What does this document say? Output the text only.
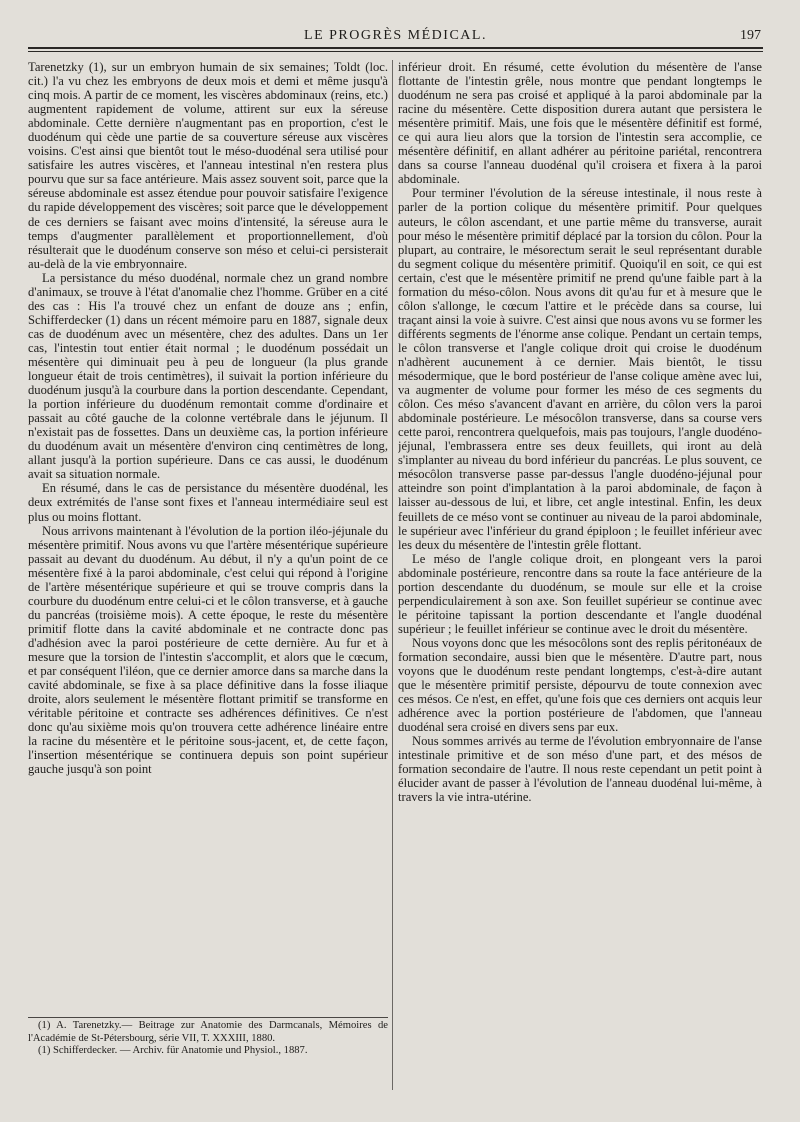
LE PROGRÈS MÉDICAL.	197

Tarenetzky (1), sur un embryon humain de six semaines; Toldt (loc. cit.) l'a vu chez les embryons de deux mois et demi et même jusqu'à cinq mois. A partir de ce moment, les viscères abdominaux (reins, etc.) augmentent rapidement de volume, attirent sur eux la séreuse abdominale. Cette dernière n'augmentant pas en proportion, c'est le duodénum qui cède une partie de sa couverture séreuse aux viscères voisins. C'est ainsi que bientôt tout le méso-duodénal sera utilisé pour satisfaire les autres viscères, et l'anneau intestinal n'en restera plus pourvu que sur sa face antérieure. Mais assez souvent soit, parce que la séreuse abdominale est assez étendue pour pouvoir satisfaire l'exigence du rapide développement des viscères; soit parce que le développement de ces derniers se faisant avec moins d'intensité, la séreuse aura le temps d'augmenter parallèlement et proportionnellement, d'où résulterait que le duodénum conserve son méso et celui-ci persisterait au-delà de la vie embryonnaire.

La persistance du méso duodénal, normale chez un grand nombre d'animaux, se trouve à l'état d'anomalie chez l'homme. Grüber en a cité des cas : His l'a trouvé chez un enfant de douze ans ; enfin, Schifferdecker (1) dans un récent mémoire paru en 1887, signale deux cas de duodénum avec un mésentère, chez des adultes. Dans un 1er cas, l'intestin tout entier était normal ; le duodénum possédait un mésentère qui diminuait peu à peu de longueur (la plus grande longueur était de trois centimètres), il suivait la portion inférieure du duodénum jusqu'à la courbure dans la portion descendante. Cependant, la portion inférieure du duodénum remontait comme d'ordinaire et passait au côté gauche de la colonne vertébrale dans le jéjunum. Il n'existait pas de fossettes. Dans un deuxième cas, la portion inférieure du duodénum avait un mésentère d'environ cinq centimètres de long, allant jusqu'à la portion supérieure. Dans ce cas aussi, le duodénum avait sa situation normale.

En résumé, dans le cas de persistance du mésentère duodénal, les deux extrémités de l'anse sont fixes et l'anneau intermédiaire seul est plus ou moins flottant.

Nous arrivons maintenant à l'évolution de la portion iléo-jéjunale du mésentère primitif. Nous avons vu que l'artère mésentérique supérieure passait au devant du duodénum. Au début, il n'y a qu'un point de ce mésentère fixé à la paroi abdominale, c'est celui qui répond à l'origine de l'artère mésentérique supérieure et qui se trouve compris dans la courbure du duodénum entre celui-ci et le côlon transverse, et à gauche du pancréas (troisième mois). A cette époque, le reste du mésentère primitif flotte dans la cavité abdominale et ne contracte donc pas d'adhésion avec la paroi postérieure de cette dernière. Au fur et à mesure que la torsion de l'intestin s'accomplit, et alors que le cœcum, et par conséquent l'iléon, que ce dernier amorce dans sa marche dans la cavité abdominale, se fixe à sa place définitive dans la fosse iliaque droite, alors seulement le mésentère flottant primitif se transforme en véritable péritoine et contracte ses adhérences définitives. Ce n'est donc qu'au sixième mois qu'on trouvera cette adhérence linéaire entre la racine du mésentère et le péritoine sous-jacent, et, de cette façon, l'insertion mésentérique se continuera depuis son point supérieur gauche jusqu'à son point

inférieur droit. En résumé, cette évolution du mésentère de l'anse flottante de l'intestin grêle, nous montre que pendant longtemps le duodénum ne sera pas croisé et appliqué à la paroi abdominale par la racine du mésentère. Cette disposition durera autant que persistera le mésentère primitif. Mais, une fois que le mésentère définitif est formé, ce qui aura lieu alors que la torsion de l'intestin sera accomplie, ce mésentère définitif, en allant adhérer au péritoine pariétal, rencontrera dans sa course l'anneau duodénal qu'il croisera et fixera à la paroi abdominale.

Pour terminer l'évolution de la séreuse intestinale, il nous reste à parler de la portion colique du mésentère primitif. Pour quelques auteurs, le côlon ascendant, et une partie même du transverse, aurait pour méso le mésentère primitif déplacé par la torsion du côlon. Pour la plupart, au contraire, le mésorectum serait le seul représentant durable du segment colique du mésentère primitif. Quoiqu'il en soit, ce qui est certain, c'est que le mésentère primitif ne prend qu'une faible part à la formation du méso-côlon. Nous avons dit qu'au fur et à mesure que le côlon s'allonge, le cœcum l'attire et le précède dans sa course, lui traçant ainsi la voie à suivre. C'est ainsi que nous avons vu se former les différents segments de l'énorme anse colique. Pendant un certain temps, le côlon transverse et l'angle colique droit qui croise le duodénum n'adhèrent aucunement à ce dernier. Mais bientôt, le tissu mésodermique, que le bord postérieur de l'anse colique amène avec lui, va augmenter de volume pour former les méso de ces segments du côlon. Ces méso s'avancent d'avant en arrière, du côlon vers la paroi abdominale postérieure. Le mésocôlon transverse, dans sa course vers cette paroi, rencontrera quelquefois, mais pas toujours, l'angle duodéno-jéjunal, l'embrassera entre ses deux feuillets, qui iront au delà s'implanter au niveau du bord inférieur du pancréas. Le plus souvent, ce mésocôlon transverse passe par-dessus l'angle duodéno-jéjunal pour atteindre son point d'implantation à la paroi abdominale, de façon à laisser au-dessous de lui, et libre, cet angle intestinal. Enfin, les deux feuillets de ce méso vont se continuer au niveau de la paroi abdominale, le supérieur avec l'inférieur du grand épiploon ; le feuillet inférieur avec les deux du mésentère de l'intestin grêle flottant.

Le méso de l'angle colique droit, en plongeant vers la paroi abdominale postérieure, rencontre dans sa route la face antérieure de la portion descendante du duodénum, se moule sur elle et la croise perpendiculairement à son axe. Son feuillet supérieur se continue avec le péritoine tapissant la portion descendante et l'angle duodénal supérieur ; le feuillet inférieur se continue avec le droit du mésentère.

Nous voyons donc que les mésocôlons sont des replis péritonéaux de formation secondaire, aussi bien que le mésentère. D'autre part, nous voyons que le duodénum reste pendant longtemps, c'est-à-dire autant que le mésentère primitif persiste, dépourvu de toute connexion avec ces mésos. Ce n'est, en effet, qu'une fois que ces derniers ont acquis leur adhérence avec la portion postérieure de l'abdomen, que l'anneau duodénal sera croisé en divers sens par eux.

Nous sommes arrivés au terme de l'évolution embryonnaire de l'anse intestinale primitive et de son méso d'une part, et des mésos de formation secondaire de l'autre. Il nous reste cependant un petit point à élucider avant de passer à l'évolution de l'anneau duodénal lui-même, à travers la vie intra-utérine.

(1) A. Tarenetzky.— Beitrage zur Anatomie des Darmcanals, Mémoires de l'Académie de St-Pétersbourg, série VII, T. XXXIII, 1880.

(1) Schifferdecker. — Archiv. für Anatomie und Physiol., 1887.
